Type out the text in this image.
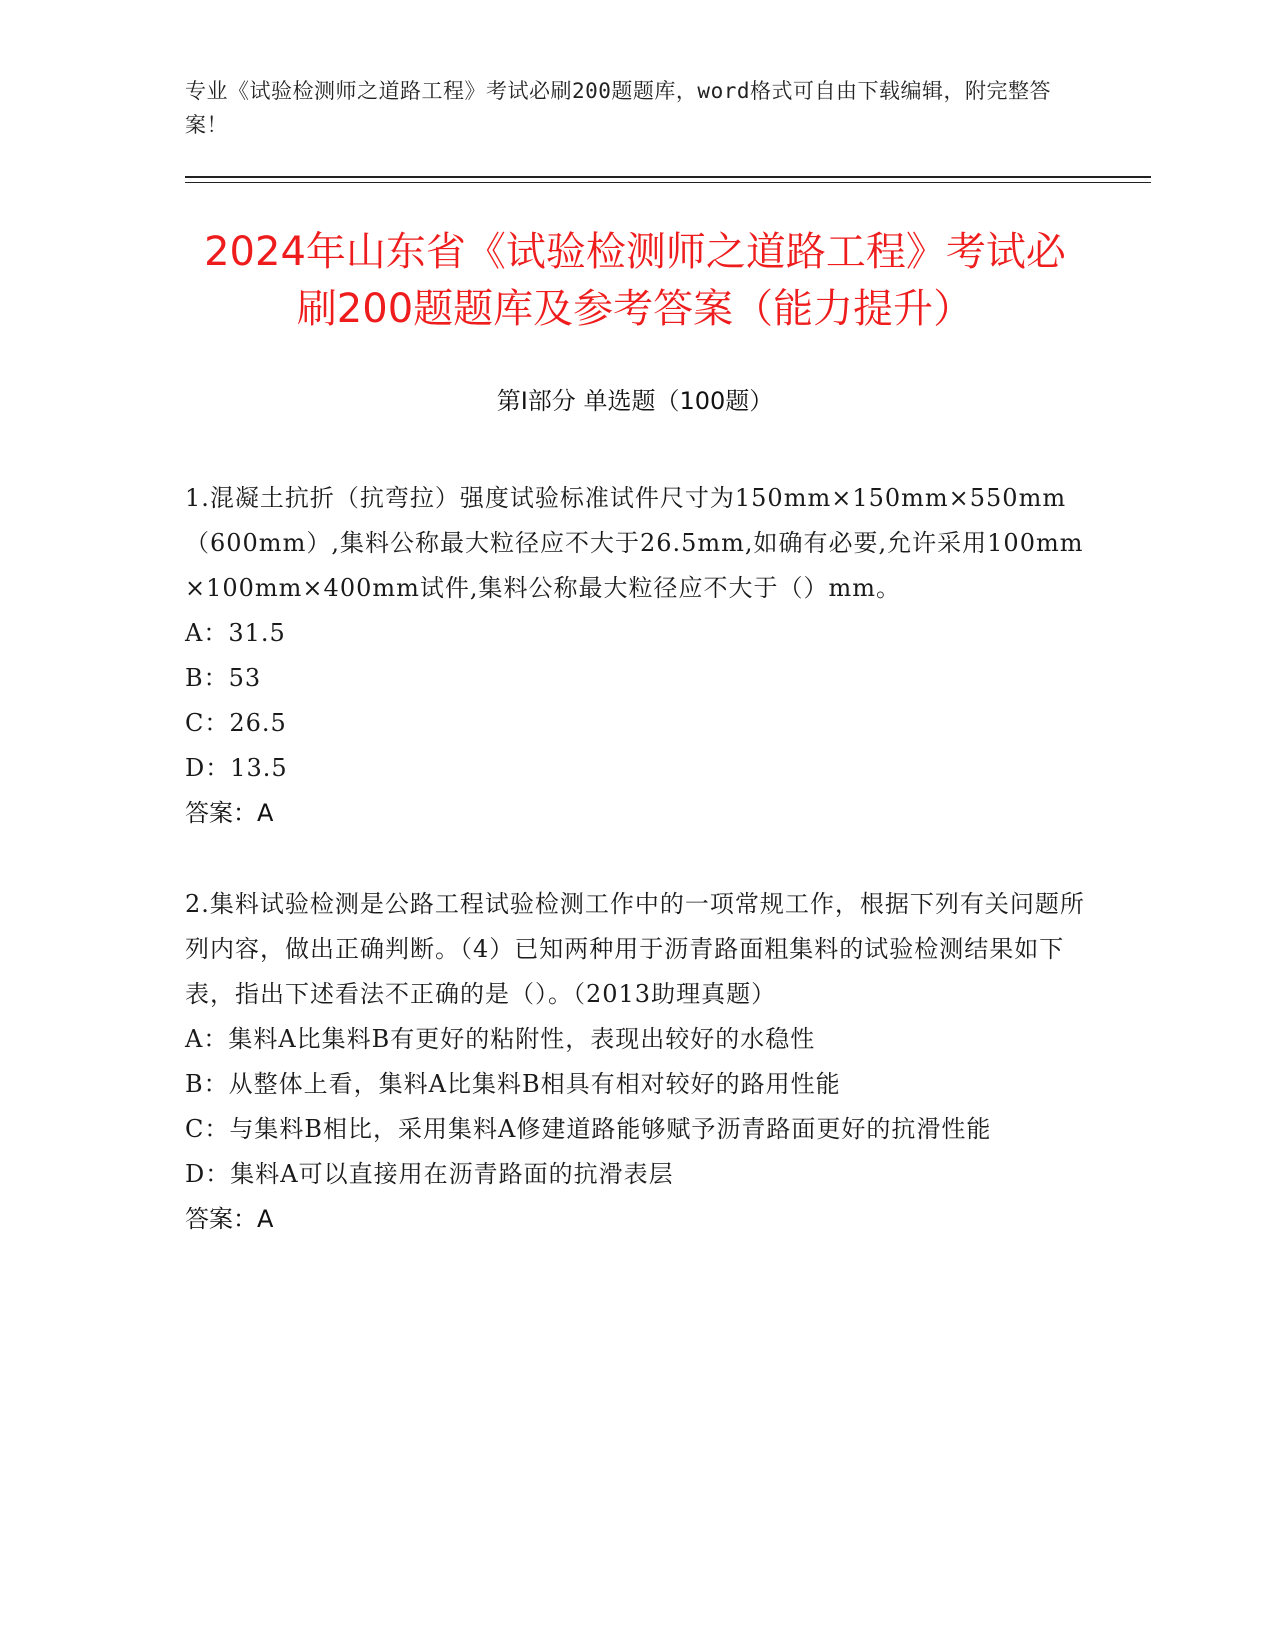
专业《试验检测师之道路工程》考试必刷200题题库，word格式可自由下载编辑，附完整答案！
2024年山东省《试验检测师之道路工程》考试必刷200题题库及参考答案（能力提升）
第I部分 单选题（100题）
1.混凝土抗折（抗弯拉）强度试验标准试件尺寸为150mm×150mm×550mm（600mm）,集料公称最大粒径应不大于26.5mm,如确有必要,允许采用100mm×100mm×400mm试件,集料公称最大粒径应不大于（）mm。
A：31.5
B：53
C：26.5
D：13.5
答案：A
2.集料试验检测是公路工程试验检测工作中的一项常规工作，根据下列有关问题所列内容，做出正确判断。（4）已知两种用于沥青路面粗集料的试验检测结果如下表，指出下述看法不正确的是（）。（2013助理真题）
A：集料A比集料B有更好的粘附性，表现出较好的水稳性
B：从整体上看，集料A比集料B相具有相对较好的路用性能
C：与集料B相比，采用集料A修建道路能够赋予沥青路面更好的抗滑性能
D：集料A可以直接用在沥青路面的抗滑表层
答案：A
